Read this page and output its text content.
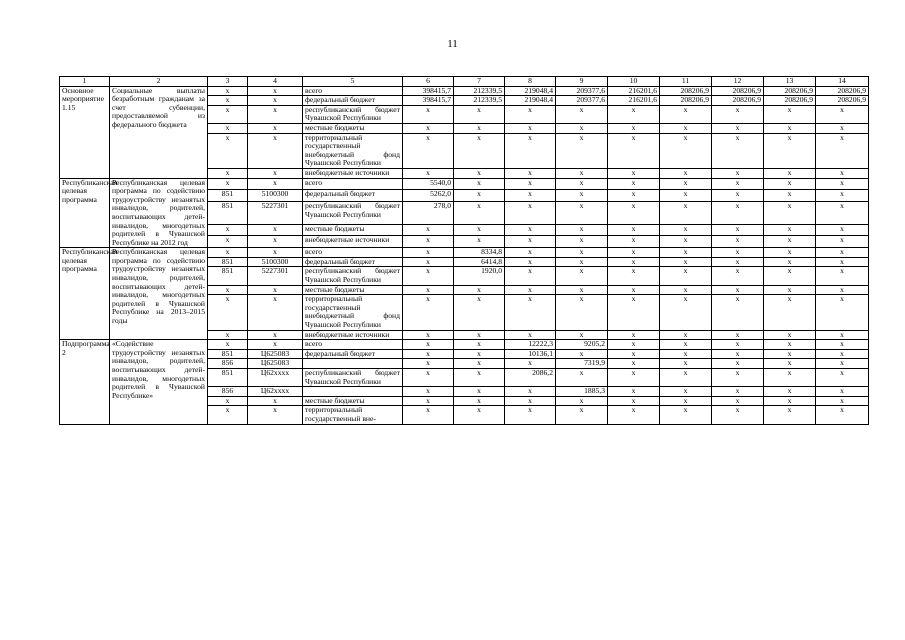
11
1	2	3	4	5	6	7	8	9	10	11	12	13	14
Основное мероприятие 1.15	Социальные выплаты безработным гражданам за счет субвенции, предоставляемой из федерального бюджета	x	x	всего	398415,7	212339,5	219048,4	209377,6	216201,6	208206,9	208206,9	208206,9	208206,9
		x	x	федеральный бюджет	398415,7	212339,5	219048,4	209377,6	216201,6	208206,9	208206,9	208206,9	208206,9
		x	x	республиканский бюджет Чувашской Республики	x	x	x	x	x	x	x	x	x
		x	x	местные бюджеты	x	x	x	x	x	x	x	x	x
		x	x	территориальный государственный внебюджетный фонд Чувашской Республики	x	x	x	x	x	x	x	x	x
		x	x	внебюджетные источники	x	x	x	x	x	x	x	x	x
Республиканская целевая программа	Республиканская целевая программа по содействию трудоустройству незанятых инвалидов, родителей, воспитывающих детей-инвалидов, многодетных родителей в Чувашской Республике на 2012 год	x	x	всего	5540,0	x	x	x	x	x	x	x	x
		851	5100300	федеральный бюджет	5262,0	x	x	x	x	x	x	x	x
		851	5227301	республиканский бюджет Чувашской Республики	278,0	x	x	x	x	x	x	x	x
		x	x	местные бюджеты	x	x	x	x	x	x	x	x	x
		x	x	внебюджетные источники	x	x	x	x	x	x	x	x	x
Республиканская целевая программа	Республиканская целевая программа по содействию трудоустройству незанятых инвалидов, родителей, воспитывающих детей-инвалидов, многодетных родителей в Чувашской Республике на 2013–2015 годы	x	x	всего	x	8334,8	x	x	x	x	x	x	x
		851	5100300	федеральный бюджет	x	6414,8	x	x	x	x	x	x	x
		851	5227301	республиканский бюджет Чувашской Республики	x	1920,0	x	x	x	x	x	x	x
		x	x	местные бюджеты	x	x	x	x	x	x	x	x	x
		x	x	территориальный государственный внебюджетный фонд Чувашской Республики	x	x	x	x	x	x	x	x	x
		x	x	внебюджетные источники	x	x	x	x	x	x	x	x	x
Подпрограмма 2	«Содействие трудоустройству незанятых инвалидов, родителей, воспитывающих детей-инвалидов, многодетных родителей в Чувашской Республике»	x	x	всего	x	x	12222,3	9205,2	x	x	x	x	x
		851	Ц625083	федеральный бюджет	x	x	10136,1	x	x	x	x	x	x
		856	Ц625083		x	x	x	7319,9	x	x	x	x	x
		851	Ц62xxxx	республиканский бюджет Чувашской Республики	x	x	2086,2	x	x	x	x	x	x
		856	Ц62xxxx		x	x	x	1885,3	x	x	x	x	x
		x	x	местные бюджеты	x	x	x	x	x	x	x	x	x
		x	x	территориальный государственный вне-	x	x	x	x	x	x	x	x	x
